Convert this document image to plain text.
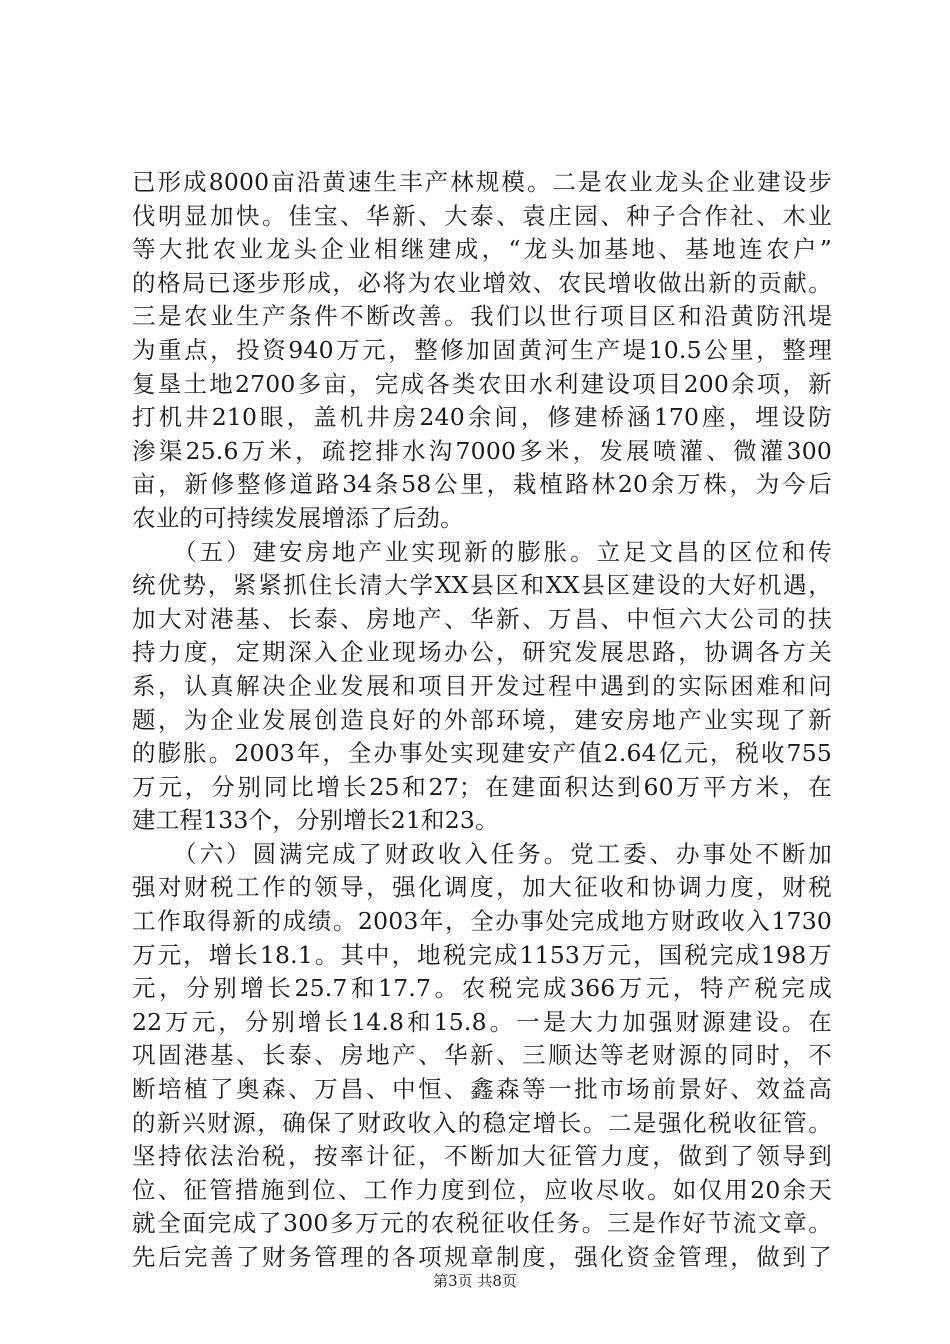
已形成8000亩沿黄速生丰产林规模。二是农业龙头企业建设步
伐明显加快。佳宝、华新、大泰、袁庄园、种子合作社、木业
等大批农业龙头企业相继建成，“龙头加基地、基地连农户”
的格局已逐步形成，必将为农业增效、农民增收做出新的贡献。
三是农业生产条件不断改善。我们以世行项目区和沿黄防汛堤
为重点，投资940万元，整修加固黄河生产堤10.5公里，整理
复垦土地2700多亩，完成各类农田水利建设项目200余项，新
打机井210眼，盖机井房240余间，修建桥涵170座，埋设防
渗渠25.6万米，疏挖排水沟7000多米，发展喷灌、微灌300
亩，新修整修道路34条58公里，栽植路林20余万株，为今后
农业的可持续发展增添了后劲。
　　（五）建安房地产业实现新的膨胀。立足文昌的区位和传
统优势，紧紧抓住长清大学XX县区和XX县区建设的大好机遇，
加大对港基、长泰、房地产、华新、万昌、中恒六大公司的扶
持力度，定期深入企业现场办公，研究发展思路，协调各方关
系，认真解决企业发展和项目开发过程中遇到的实际困难和问
题，为企业发展创造良好的外部环境，建安房地产业实现了新
的膨胀。2003年，全办事处实现建安产值2.64亿元，税收755
万元，分别同比增长25和27；在建面积达到60万平方米，在
建工程133个，分别增长21和23。
　　（六）圆满完成了财政收入任务。党工委、办事处不断加
强对财税工作的领导，强化调度，加大征收和协调力度，财税
工作取得新的成绩。2003年，全办事处完成地方财政收入1730
万元，增长18.1。其中，地税完成1153万元，国税完成198万
元，分别增长25.7和17.7。农税完成366万元，特产税完成
22万元，分别增长14.8和15.8。一是大力加强财源建设。在
巩固港基、长泰、房地产、华新、三顺达等老财源的同时，不
断培植了奥森、万昌、中恒、鑫森等一批市场前景好、效益高
的新兴财源，确保了财政收入的稳定增长。二是强化税收征管。
坚持依法治税，按率计征，不断加大征管力度，做到了领导到
位、征管措施到位、工作力度到位，应收尽收。如仅用20余天
就全面完成了300多万元的农税征收任务。三是作好节流文章。
先后完善了财务管理的各项规章制度，强化资金管理，做到了
第3页 共8页
